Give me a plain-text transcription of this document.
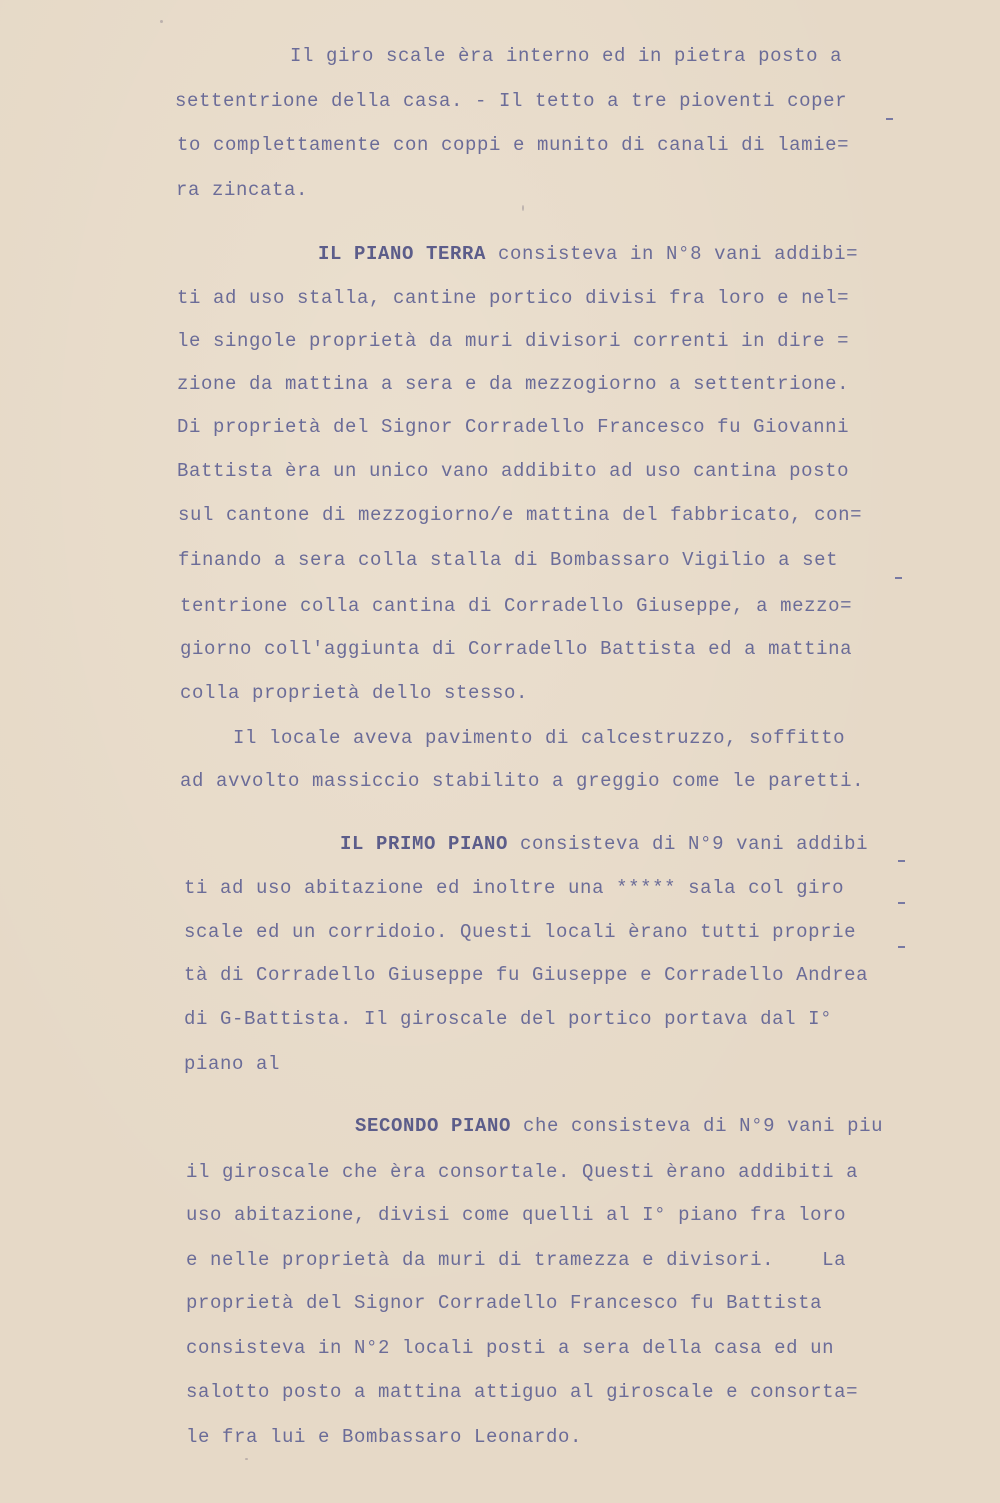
Il giro scale èra interno ed in pietra posto a
settentrione della casa. - Il tetto a tre pioventi coper
to complettamente con coppi e munito di canali di lamie=
ra zincata.
IL PIANO TERRA consisteva in N°8 vani addibi=
ti ad uso stalla, cantine portico divisi fra loro e nel=
le singole proprietà da muri divisori correnti in dire =
zione da mattina a sera e da mezzogiorno a settentrione.
Di proprietà del Signor Corradello Francesco fu Giovanni
Battista èra un unico vano addibito ad uso cantina posto
sul cantone di mezzogiorno/e mattina del fabbricato, con=
finando a sera colla stalla di Bombassaro Vigilio a set
tentrione colla cantina di Corradello Giuseppe, a mezzo=
giorno coll'aggiunta di Corradello Battista ed a mattina
colla proprietà dello stesso.
Il locale aveva pavimento di calcestruzzo, soffitto
ad avvolto massiccio stabilito a greggio come le paretti.
IL PRIMO PIANO consisteva di N°9 vani addibi
ti ad uso abitazione ed inoltre una ***** sala col giro
scale ed un corridoio. Questi locali èrano tutti proprie
tà di Corradello Giuseppe fu Giuseppe e Corradello Andrea
di G-Battista. Il giroscale del portico portava dal I°
piano al
SECONDO PIANO che consisteva di N°9 vani piu
il giroscale che èra consortale. Questi èrano addibiti a
uso abitazione, divisi come quelli al I° piano fra loro
e nelle proprietà da muri di tramezza e divisori.    La
proprietà del Signor Corradello Francesco fu Battista
consisteva in N°2 locali posti a sera della casa ed un
salotto posto a mattina attiguo al giroscale e consorta=
le fra lui e Bombassaro Leonardo.
